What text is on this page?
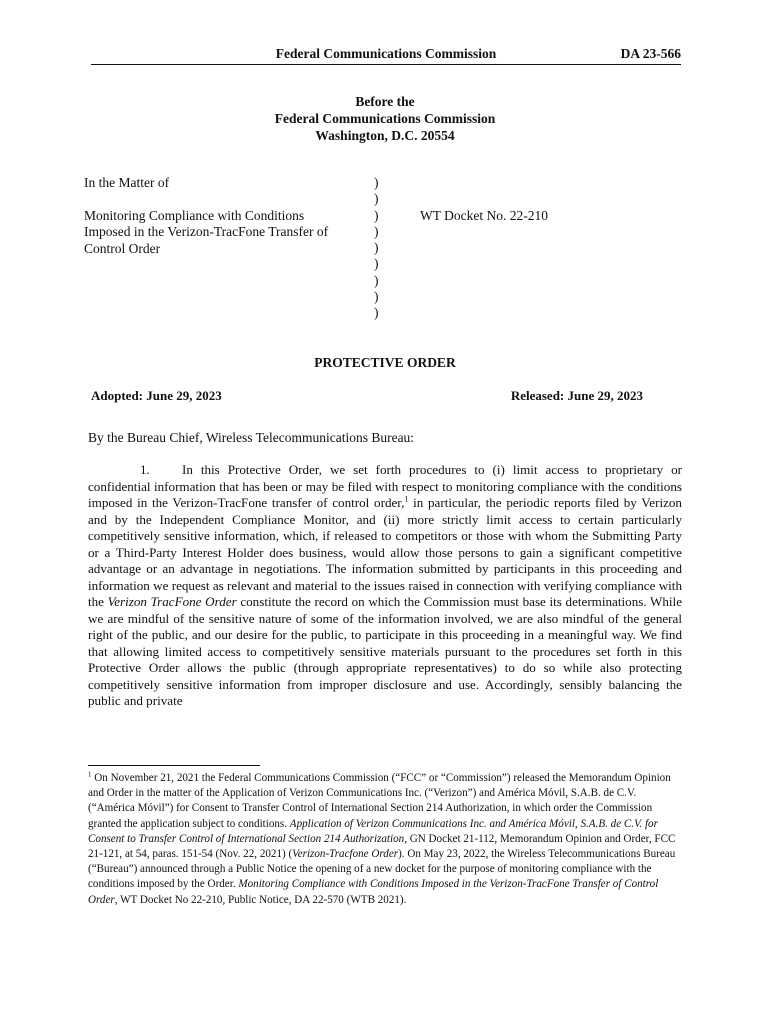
Federal Communications Commission	DA 23-566
Before the
Federal Communications Commission
Washington, D.C. 20554
In the Matter of
Monitoring Compliance with Conditions
Imposed in the Verizon-TracFone Transfer of
Control Order
)
)
)
)
)
)
)
)
)
WT Docket No. 22-210
PROTECTIVE ORDER
Adopted: June 29, 2023	Released: June 29, 2023
By the Bureau Chief, Wireless Telecommunications Bureau:

1. In this Protective Order, we set forth procedures to (i) limit access to proprietary or confidential information that has been or may be filed with respect to monitoring compliance with the conditions imposed in the Verizon-TracFone transfer of control order,$^1$ in particular, the periodic reports filed by Verizon and by the Independent Compliance Monitor, and (ii) more strictly limit access to certain particularly competitively sensitive information, which, if released to competitors or those with whom the Submitting Party or a Third-Party Interest Holder does business, would allow those persons to gain a significant competitive advantage or an advantage in negotiations. The information submitted by participants in this proceeding and information we request as relevant and material to the issues raised in connection with verifying compliance with the Verizon TracFone Order constitute the record on which the Commission must base its determinations. While we are mindful of the sensitive nature of some of the information involved, we are also mindful of the general right of the public, and our desire for the public, to participate in this proceeding in a meaningful way. We find that allowing limited access to competitively sensitive materials pursuant to the procedures set forth in this Protective Order allows the public (through appropriate representatives) to do so while also protecting competitively sensitive information from improper disclosure and use. Accordingly, sensibly balancing the public and private

$^1$ On November 21, 2021 the Federal Communications Commission (“FCC” or “Commission”) released the Memorandum Opinion and Order in the matter of the Application of Verizon Communications Inc. (“Verizon”) and América Móvil, S.A.B. de C.V. (“América Móvil”) for Consent to Transfer Control of International Section 214 Authorization, in which order the Commission granted the application subject to conditions. Application of Verizon Communications Inc. and América Móvil, S.A.B. de C.V. for Consent to Transfer Control of International Section 214 Authorization, GN Docket 21-112, Memorandum Opinion and Order, FCC 21-121, at 54, paras. 151-54 (Nov. 22, 2021) (Verizon-Tracfone Order). On May 23, 2022, the Wireless Telecommunications Bureau (“Bureau”) announced through a Public Notice the opening of a new docket for the purpose of monitoring compliance with the conditions imposed by the Order. Monitoring Compliance with Conditions Imposed in the Verizon-TracFone Transfer of Control Order, WT Docket No 22-210, Public Notice, DA 22-570 (WTB 2021).
